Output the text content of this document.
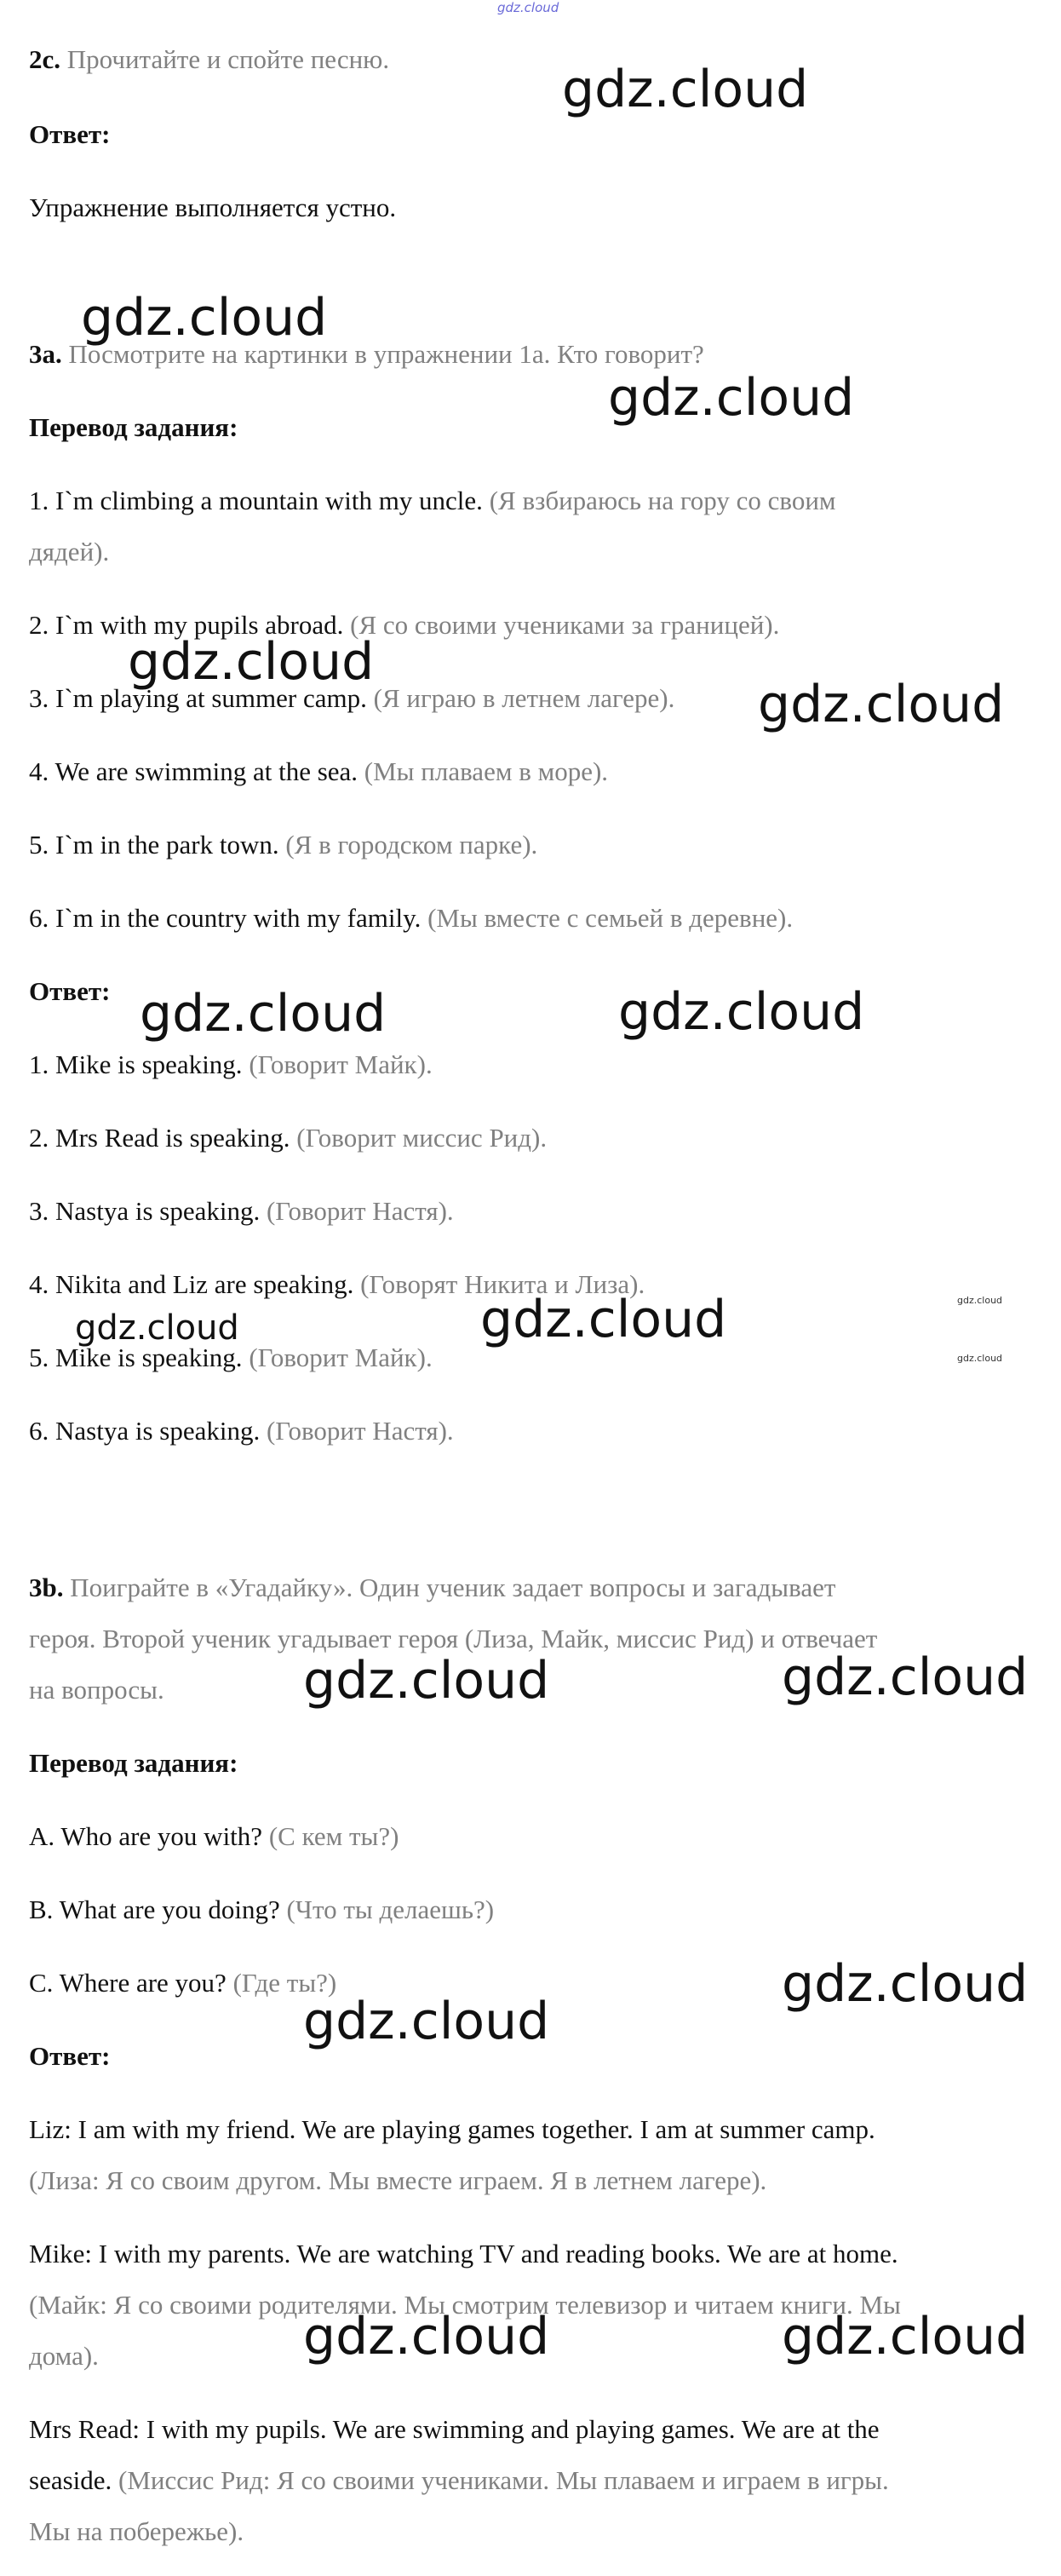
gdz.cloud
2c. Прочитайте и спойте песню.
Ответ:
Упражнение выполняется устно.
3a. Посмотрите на картинки в упражнении 1a. Кто говорит?
Перевод задания:
1. I`m climbing a mountain with my uncle. (Я взбираюсь на гору со своим
дядей).
2. I`m with my pupils abroad. (Я со своими учениками за границей).
3. I`m playing at summer camp. (Я играю в летнем лагере).
4. We are swimming at the sea. (Мы плаваем в море).
5. I`m in the park town. (Я в городском парке).
6. I`m in the country with my family. (Мы вместе с семьей в деревне).
Ответ:
1. Mike is speaking. (Говорит Майк).
2. Mrs Read is speaking. (Говорит миссис Рид).
3. Nastya is speaking. (Говорит Настя).
4. Nikita and Liz are speaking. (Говорят Никита и Лиза).
5. Mike is speaking. (Говорит Майк).
6. Nastya is speaking. (Говорит Настя).
3b. Поиграйте в «Угадайку». Один ученик задает вопросы и загадывает
героя. Второй ученик угадывает героя (Лиза, Майк, миссис Рид) и отвечает
на вопросы.
Перевод задания:
A. Who are you with? (С кем ты?)
B. What are you doing? (Что ты делаешь?)
C. Where are you? (Где ты?)
Ответ:
Liz: I am with my friend. We are playing games together. I am at summer camp.
(Лиза: Я со своим другом. Мы вместе играем. Я в летнем лагере).
Mike: I with my parents. We are watching TV and reading books. We are at home.
(Майк: Я со своими родителями. Мы смотрим телевизор и читаем книги. Мы
дома).
Mrs Read: I with my pupils. We are swimming and playing games. We are at the
seaside. (Миссис Рид: Я со своими учениками. Мы плаваем и играем в игры.
Мы на побережье).
gdz.cloud
gdz.cloud
gdz.cloud
gdz.cloud
gdz.cloud
gdz.cloud	gdz.cloud
gdz.cloud	gdz.cloud	gdz.cloud
gdz.cloud
gdz.cloud	gdz.cloud
gdz.cloud
gdz.cloud
gdz.cloud	gdz.cloud
